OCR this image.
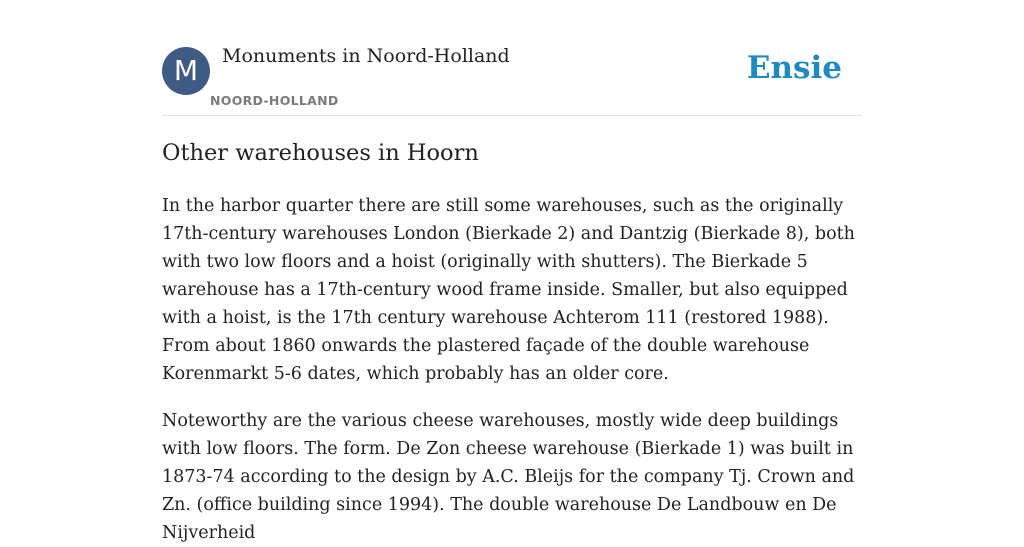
M	Monuments in Noord-Holland
NOORD-HOLLAND
Ensie
Other warehouses in Hoorn

In the harbor quarter there are still some warehouses, such as the originally 17th-century warehouses London (Bierkade 2) and Dantzig (Bierkade 8), both with two low floors and a hoist (originally with shutters). The Bierkade 5 warehouse has a 17th-century wood frame inside. Smaller, but also equipped with a hoist, is the 17th century warehouse Achterom 111 (restored 1988). From about 1860 onwards the plastered façade of the double warehouse Korenmarkt 5-6 dates, which probably has an older core.

Noteworthy are the various cheese warehouses, mostly wide deep buildings with low floors. The form. De Zon cheese warehouse (Bierkade 1) was built in 1873-74 according to the design by A.C. Bleijs for the company Tj. Crown and Zn. (office building since 1994). The double warehouse De Landbouw en De Nijverheid
